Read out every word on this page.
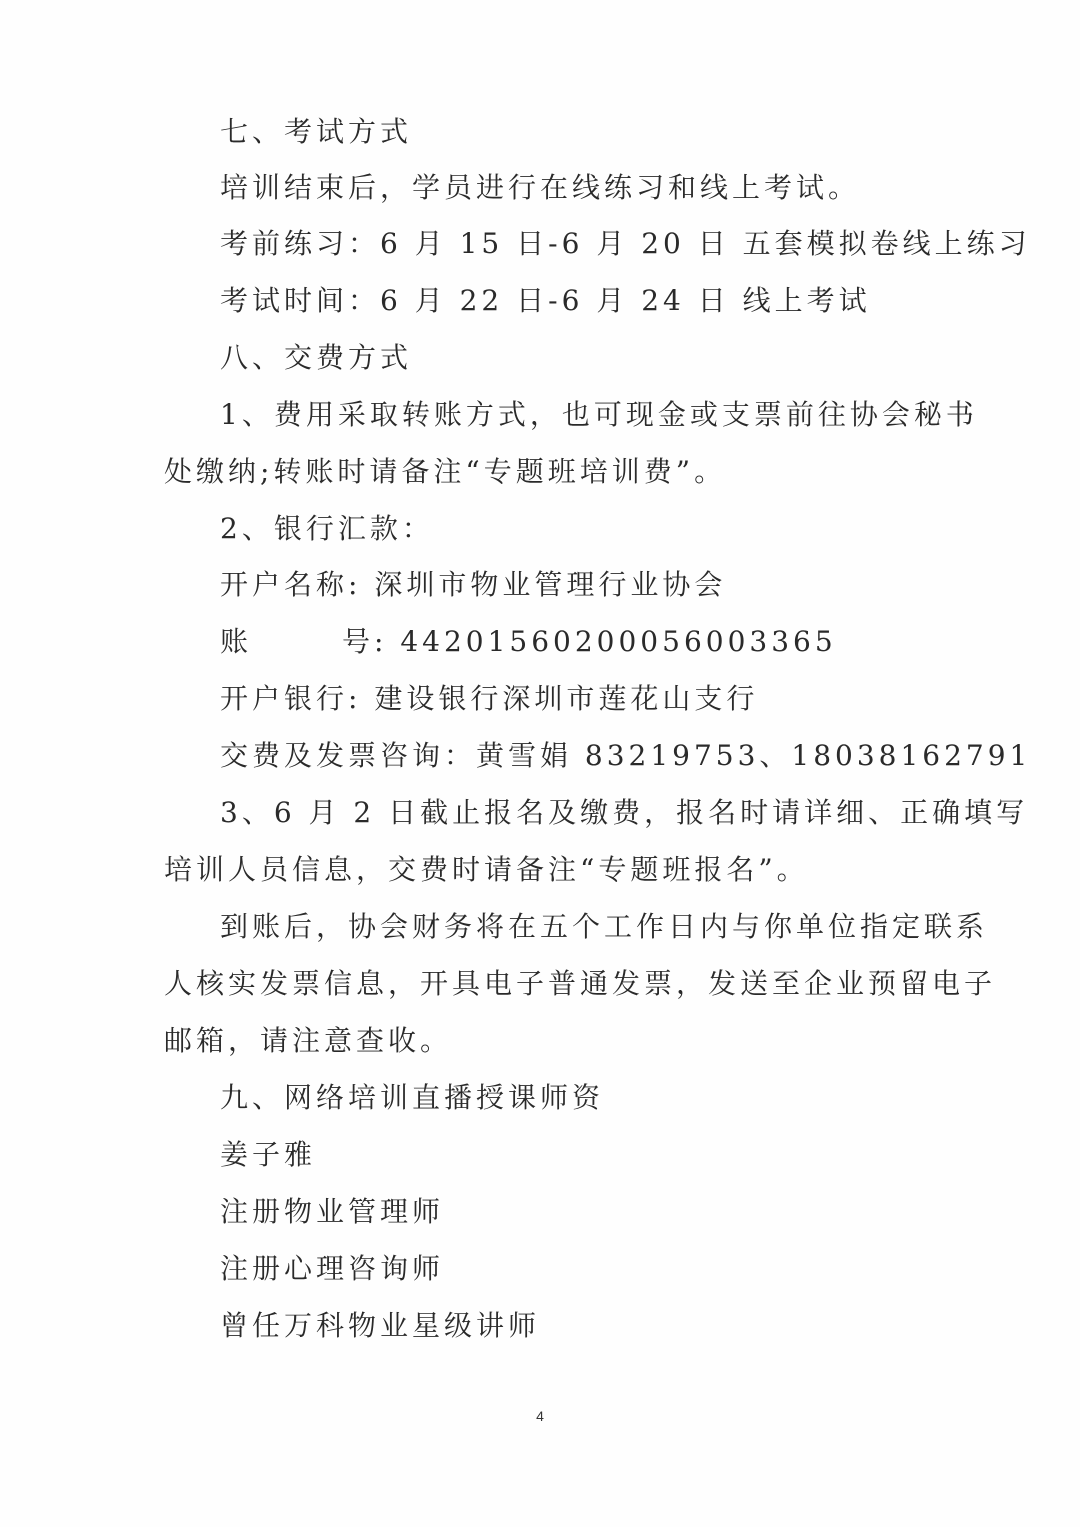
七、考试方式

培训结束后，学员进行在线练习和线上考试。

考前练习：6 月 15 日-6 月 20 日 五套模拟卷线上练习

考试时间：6 月 22 日-6 月 24 日 线上考试

八、交费方式

1、费用采取转账方式，也可现金或支票前往协会秘书

处缴纳;转账时请备注“专题班培训费”。

2、银行汇款：

开户名称: 深圳市物业管理行业协会

账	号: 442015602000560033​65

开户银行: 建设银行深圳市莲花山支行

交费及发票咨询：黄雪娟 83219753、18038162791

3、6 月 2 日截止报名及缴费，报名时请详细、正确填写

培训人员信息，交费时请备注“专题班报名”。

到账后，协会财务将在五个工作日内与你单位指定联系

人核实发票信息，开具电子普通发票，发送至企业预留电子

邮箱，请注意查收。

九、网络培训直播授课师资

姜子雅

注册物业管理师

注册心理咨询师

曾任万科物业星级讲师

4
